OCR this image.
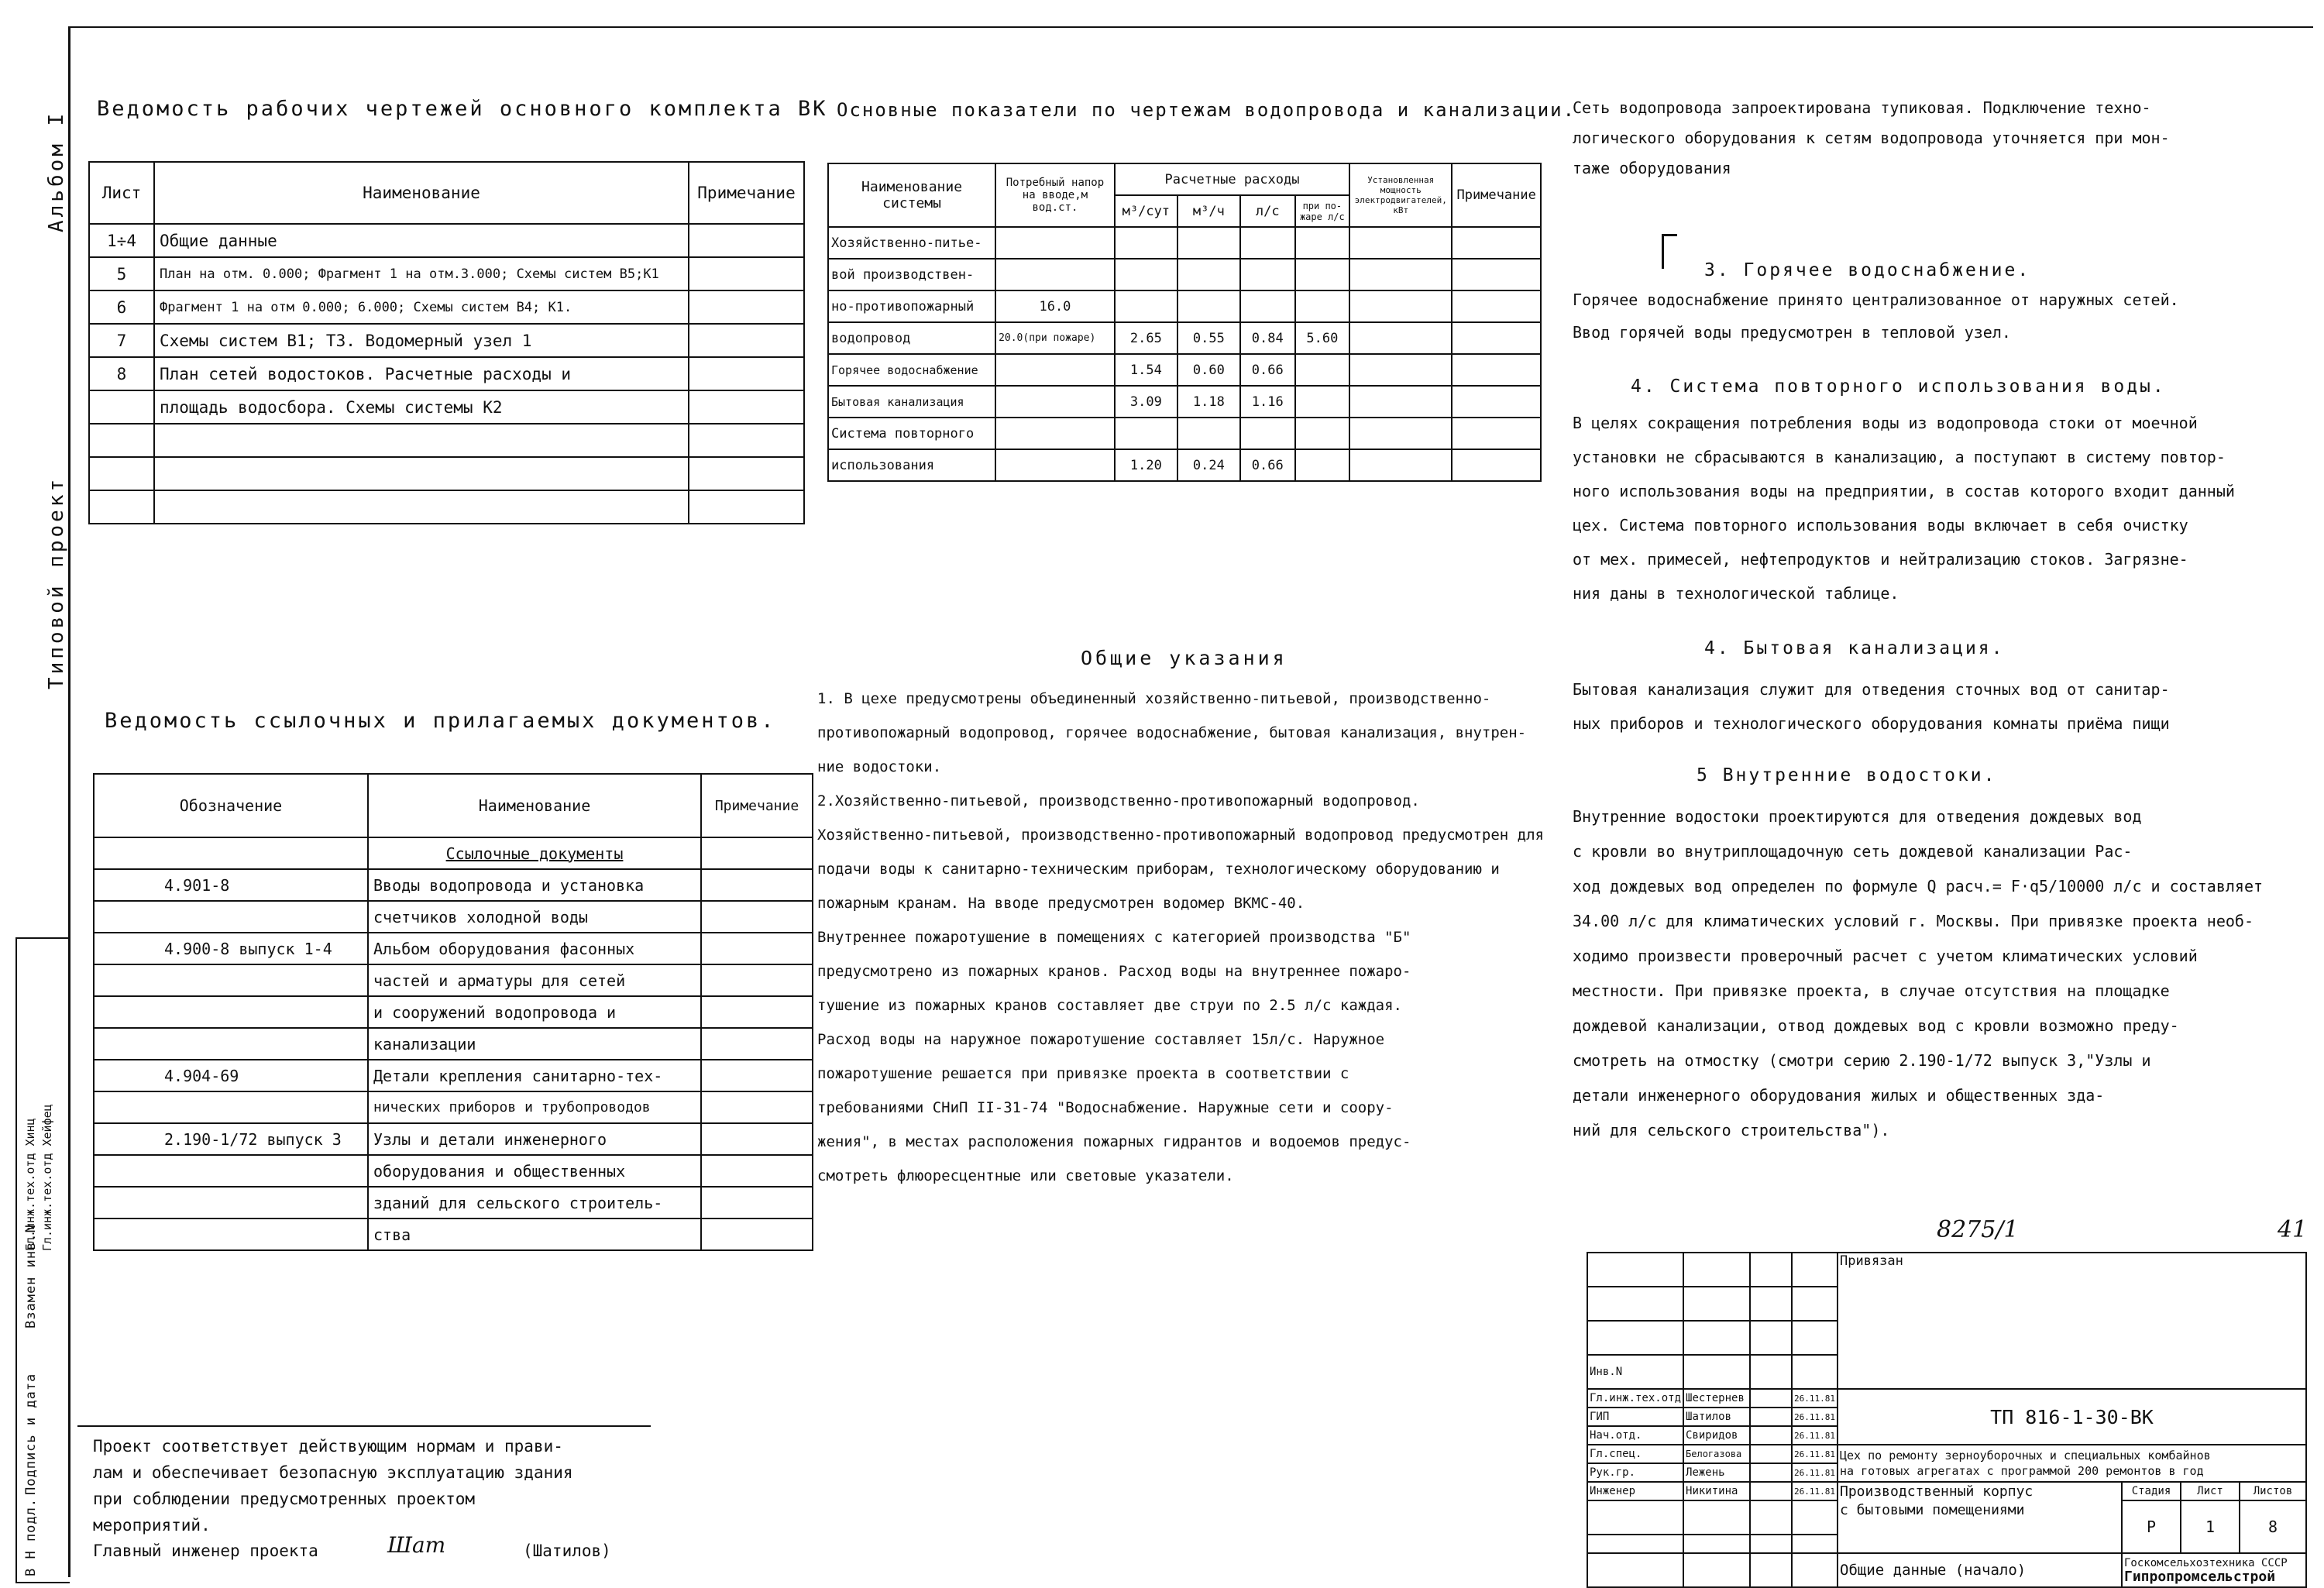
Альбом I
Типовой проект
В Н подл.
Подпись и дата
Взамен инв.N
Гл.инж.тех.отд Хинц Гл.инж.тех.отд Хейфец
Ведомость рабочих чертежей основного комплекта ВК
Лист	Наименование	Примечание
1÷4	Общие данные	
5	План на отм. 0.000; Фрагмент 1 на отм.3.000; Схемы систем В5;К1	
6	Фрагмент 1 на отм 0.000; 6.000; Схемы систем В4; К1.	
7	Схемы систем В1; Т3. Водомерный узел 1	
8	План сетей водостоков. Расчетные расходы и	
	площадь водосбора. Схемы системы К2	

Основные показатели по чертежам водопровода и канализации.
Наименование системы	Потребный напор на вводе,м вод.ст.	Расчетные расходы				Установленная мощность электродвигателей, кВт	Примечание
		м³/сут	м³/ч	л/с	при по-жаре л/с		
Хозяйственно-питье-							
вой производствен-							
но-противопожарный	16.0						
водопровод	20.0(при пожаре)	2.65	0.55	0.84	5.60		
Горячее водоснабжение		1.54	0.60	0.66			
Бытовая канализация		3.09	1.18	1.16			
Система повторного							
использования		1.20	0.24	0.66			
Сеть водопровода запроектирована тупиковая. Подключение техно-
логического оборудования к сетям водопровода уточняется при мон-
таже оборудования
3. Горячее водоснабжение.
Горячее водоснабжение принято централизованное от наружных сетей.
Ввод горячей воды предусмотрен в тепловой узел.
4. Система повторного использования воды.
В целях сокращения потребления воды из водопровода стоки от моечной
установки не сбрасываются в канализацию, а поступают в систему повтор-
ного использования воды на предприятии, в состав которого входит данный
цех. Система повторного использования воды включает в себя очистку
от мех. примесей, нефтепродуктов и нейтрализацию стоков. Загрязне-
ния даны в технологической таблице.
4. Бытовая канализация.
Бытовая канализация служит для отведения сточных вод от санитар-
ных приборов и технологического оборудования комнаты приёма пищи
5 Внутренние водостоки.
Внутренние водостоки проектируются для отведения дождевых вод
с кровли во внутриплощадочную сеть дождевой канализации Рас-
ход дождевых вод определен по формуле Q расч.= F·q5/10000 л/с и составляет
34.00 л/с для климатических условий г. Москвы. При привязке проекта необ-
ходимо произвести проверочный расчет с учетом климатических условий
местности. При привязке проекта, в случае отсутствия на площадке
дождевой канализации, отвод дождевых вод с кровли возможно преду-
смотреть на отмостку (смотри серию 2.190-1/72 выпуск 3,"Узлы и
детали инженерного оборудования жилых и общественных зда-
ний для сельского строительства").
Общие указания
1. В цехе предусмотрены объединенный хозяйственно-питьевой, производственно-
противопожарный водопровод, горячее водоснабжение, бытовая канализация, внутрен-
ние водостоки.
2.Хозяйственно-питьевой, производственно-противопожарный водопровод.
Хозяйственно-питьевой, производственно-противопожарный водопровод предусмотрен для
подачи воды к санитарно-техническим приборам, технологическому оборудованию и
пожарным кранам. На вводе предусмотрен водомер ВКМС-40.
Внутреннее пожаротушение в помещениях с категорией производства "Б"
предусмотрено из пожарных кранов. Расход воды на внутреннее пожаро-
тушение из пожарных кранов составляет две струи по 2.5 л/с каждая.
Расход воды на наружное пожаротушение составляет 15л/с. Наружное
пожаротушение решается при привязке проекта в соответствии с
требованиями СНиП II-31-74 "Водоснабжение. Наружные сети и соору-
жения", в местах расположения пожарных гидрантов и водоемов предус-
смотреть флюоресцентные или световые указатели.
Ведомость ссылочных и прилагаемых документов.
Обозначение	Наименование	Примечание
	Ссылочные документы	
4.901-8	Вводы водопровода и установка	
	счетчиков холодной воды	
4.900-8 выпуск 1-4	Альбом оборудования фасонных	
	частей и арматуры для сетей	
	и сооружений водопровода и	
	канализации	
4.904-69	Детали крепления санитарно-тех-	
	нических приборов и трубопроводов	
2.190-1/72 выпуск 3	Узлы и детали инженерного	
	оборудования и общественных	
	зданий для сельского строитель-	
	ства	
Проект соответствует действующим нормам и прави-
лам и обеспечивает безопасную эксплуатацию здания
при соблюдении предусмотренных проектом
мероприятий.
Главный инженер проекта	Шат	(Шатилов)
8275/1	41
				Привязан			

Инв.N							
Гл.инж.тех.отд	Шестернев		26.11.81	ТП 816-1-30-ВК			
ГИП	Шатилов		26.11.81				
Нач.отд.	Свиридов		26.11.81				
Гл.спец.	Белогазова		26.11.81	Цех по ремонту зерноуборочных и специальных комбайнов
на готовых агрегатах с программой 200 ремонтов в год			

Рук.гр.	Лежень		26.11.81				
Инженер	Никитина		26.11.81	Производственный корпус
с бытовыми помещениями	Стадия	Лист	Листов
					Р	1	8

				Общие данные (начало)	Госкомсельхозтехника СССР
Гипропромсельстрой		
